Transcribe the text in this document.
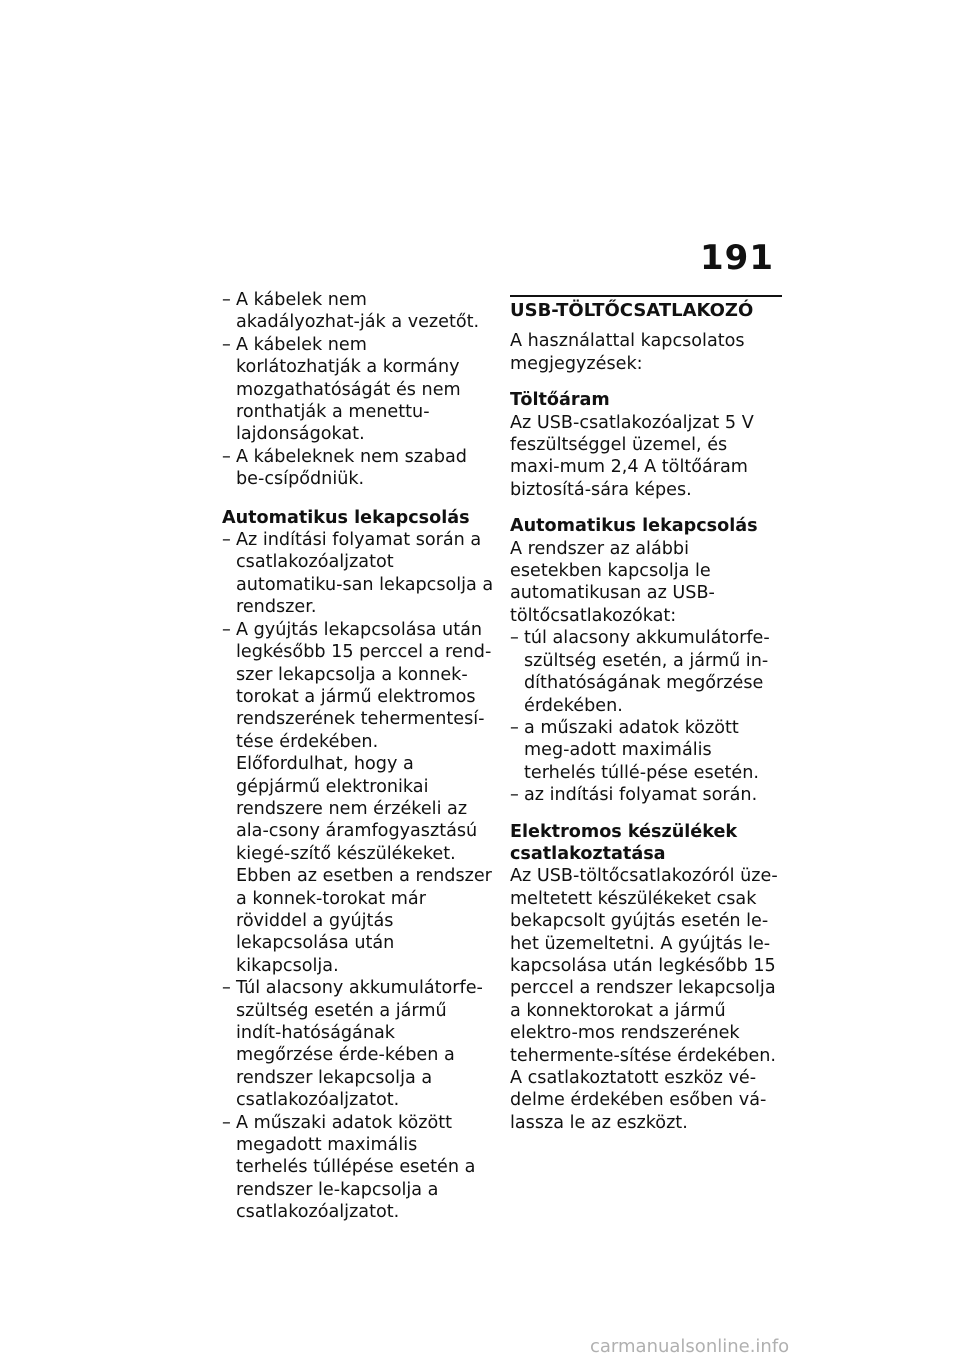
191
– A kábelek nem akadályozhat-ják a vezetőt.
– A kábelek nem korlátozhatják a kormány mozgathatóságát és nem ronthatják a menettu-lajdonságokat.
– A kábeleknek nem szabad be-csípődniük.
Automatikus lekapcsolás
– Az indítási folyamat során a csatlakozóaljzatot automatiku-san lekapcsolja a rendszer.
– A gyújtás lekapcsolása után legkésőbb 15 perccel a rend-szer lekapcsolja a konnek-torokat a jármű elektromos rendszerének tehermentesí-tése érdekében. Előfordulhat, hogy a gépjármű elektronikai rendszere nem érzékeli az ala-csony áramfogyasztású kiegé-szítő készülékeket. Ebben az esetben a rendszer a konnek-torokat már röviddel a gyújtás lekapcsolása után kikapcsolja.
– Túl alacsony akkumulátorfe-szültség esetén a jármű indít-hatóságának megőrzése érde-kében a rendszer lekapcsolja a csatlakozóaljzatot.
– A műszaki adatok között megadott maximális terhelés túllépése esetén a rendszer le-kapcsolja a csatlakozóaljzatot.
USB-TÖLTŐCSATLAKOZÓ

A használattal kapcsolatos megjegyzések:

Töltőáram

Az USB-csatlakozóaljzat 5 V feszültséggel üzemel, és maxi-mum 2,4 A töltőáram biztosítá-sára képes.

Automatikus lekapcsolás

A rendszer az alábbi esetekben kapcsolja le automatikusan az USB-töltőcsatlakozókat:

– túl alacsony akkumulátorfe-szültség esetén, a jármű in-díthatóságának megőrzése érdekében.
– a műszaki adatok között meg-adott maximális terhelés túllé-pése esetén.
– az indítási folyamat során.
Elektromos készülékek csatlakoztatása

Az USB-töltőcsatlakozóról üze-meltetett készülékeket csak bekapcsolt gyújtás esetén le-het üzemeltetni. A gyújtás le-kapcsolása után legkésőbb 15 perccel a rendszer lekapcsolja a konnektorokat a jármű elektro-mos rendszerének tehermente-sítése érdekében.

A csatlakoztatott eszköz vé-delme érdekében esőben vá-lassza le az eszközt.

carmanualsonline.info
